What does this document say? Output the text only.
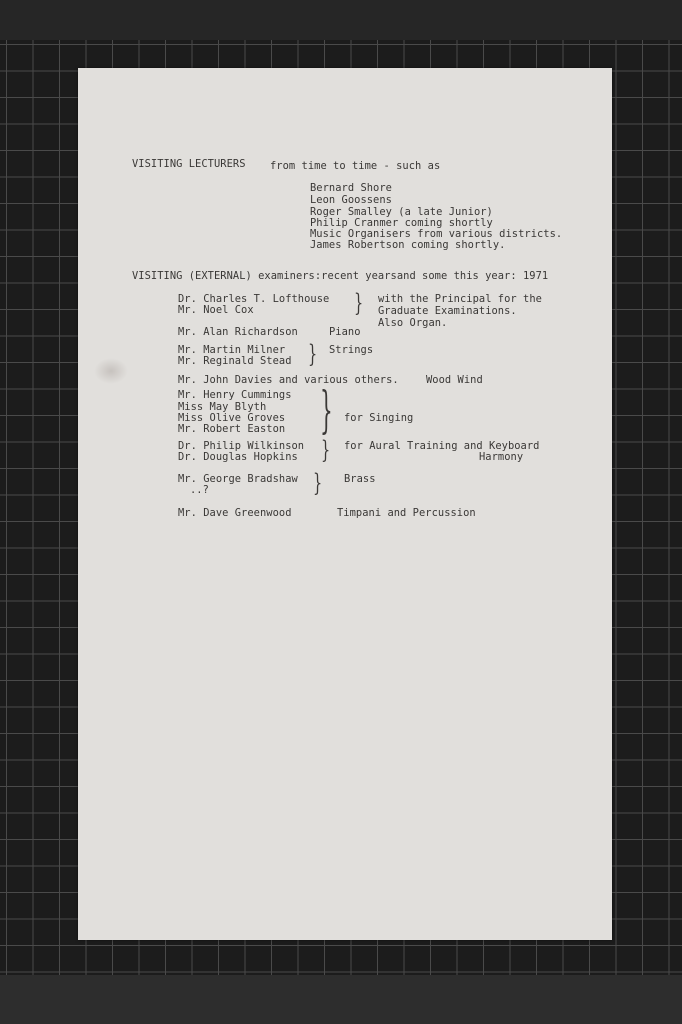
VISITING LECTURERS from time to time - such as
Bernard Shore
Leon Goossens
Roger Smalley (a late Junior)
Philip Cranmer coming shortly
Music Organisers from various districts.
James Robertson coming shortly.
VISITING (EXTERNAL) examiners:recent yearsand some this year: 1971
Dr. Charles T. Lofthouse
Mr. Noel Cox	} with the Principal for the
Graduate Examinations.
Also Organ.
Mr. Alan Richardson	Piano
Mr. Martin Milner
Mr. Reginald Stead } Strings
Mr. John Davies and various others.	Wood Wind
Mr. Henry Cummings
Miss May Blyth
Miss Olive Groves
Mr. Robert Easton } for Singing
Dr. Philip Wilkinson
Dr. Douglas Hopkins } for Aural Training and Keyboard
Harmony
Mr. George Bradshaw
..?	} Brass
Mr. Dave Greenwood	Timpani and Percussion
